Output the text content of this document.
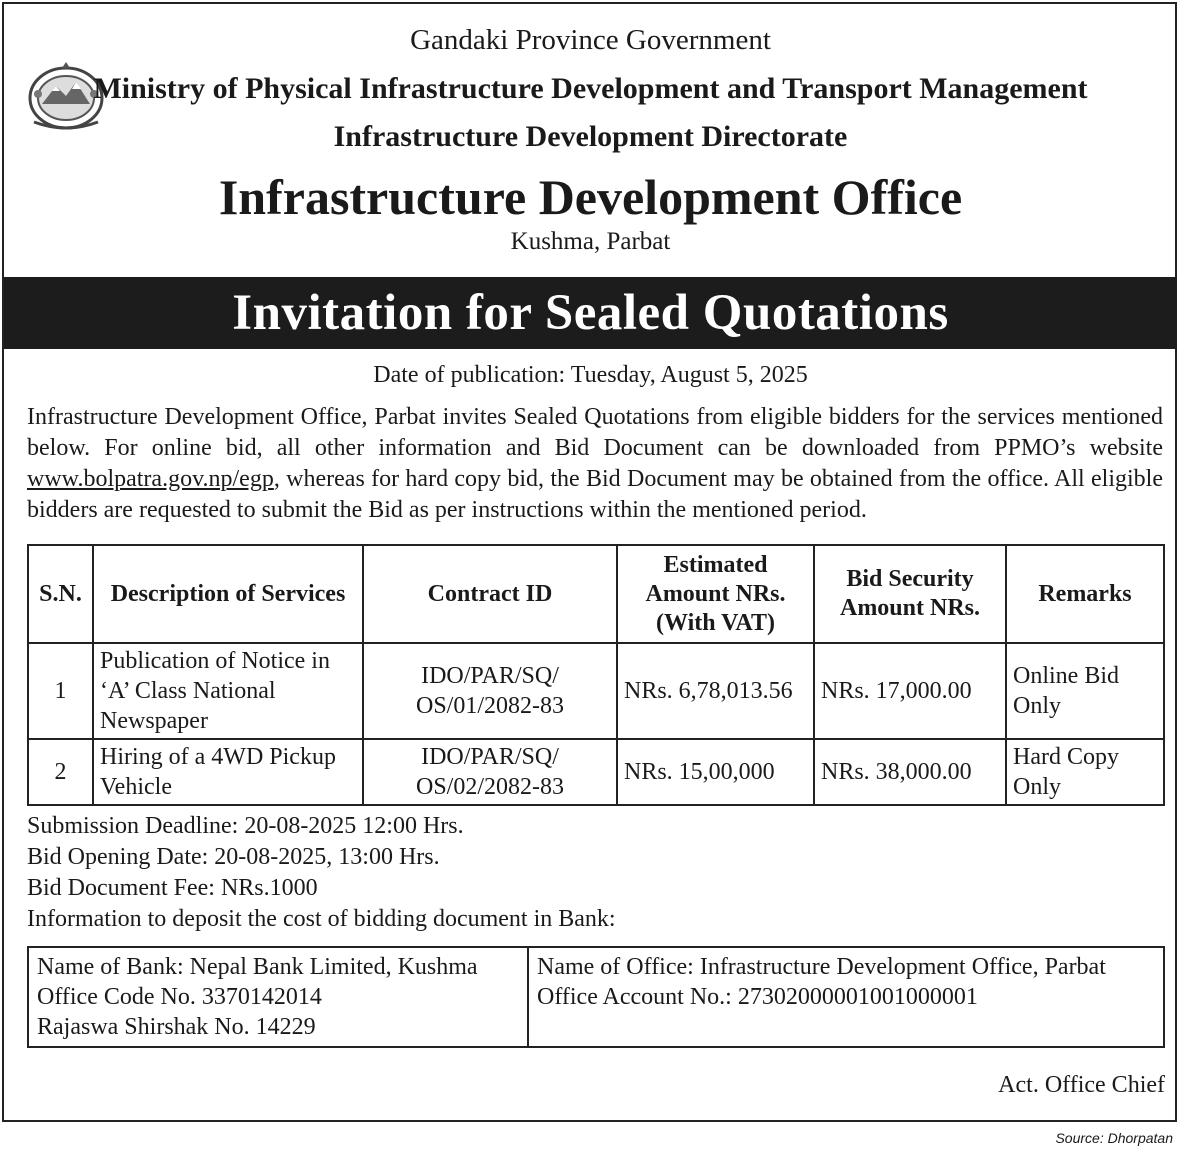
Gandaki Province Government
Ministry of Physical Infrastructure Development and Transport Management
Infrastructure Development Directorate
Infrastructure Development Office
Kushma, Parbat
Invitation for Sealed Quotations
Date of publication: Tuesday, August 5, 2025
Infrastructure Development Office, Parbat invites Sealed Quotations from eligible bidders for the services mentioned below. For online bid, all other information and Bid Document can be downloaded from PPMO’s website www.bolpatra.gov.np/egp, whereas for hard copy bid, the Bid Document may be obtained from the office. All eligible bidders are requested to submit the Bid as per instructions within the mentioned period.
S.N.	Description of Services	Contract ID	Estimated Amount NRs. (With VAT)	Bid Security Amount NRs.	Remarks
1	Publication of Notice in ‘A’ Class National Newspaper	IDO/PAR/SQ/ OS/01/2082-83	NRs. 6,78,013.56	NRs. 17,000.00	Online Bid Only
2	Hiring of a 4WD Pickup Vehicle	IDO/PAR/SQ/ OS/02/2082-83	NRs. 15,00,000	NRs. 38,000.00	Hard Copy Only
Submission Deadline: 20-08-2025 12:00 Hrs.
Bid Opening Date: 20-08-2025, 13:00 Hrs.
Bid Document Fee: NRs.1000
Information to deposit the cost of bidding document in Bank:
Name of Bank: Nepal Bank Limited, Kushma
Office Code No. 3370142014
Rajaswa Shirshak No. 14229

Name of Office: Infrastructure Development Office, Parbat
Office Account No.: 27302000001001000001
Act. Office Chief
Source: Dhorpatan
